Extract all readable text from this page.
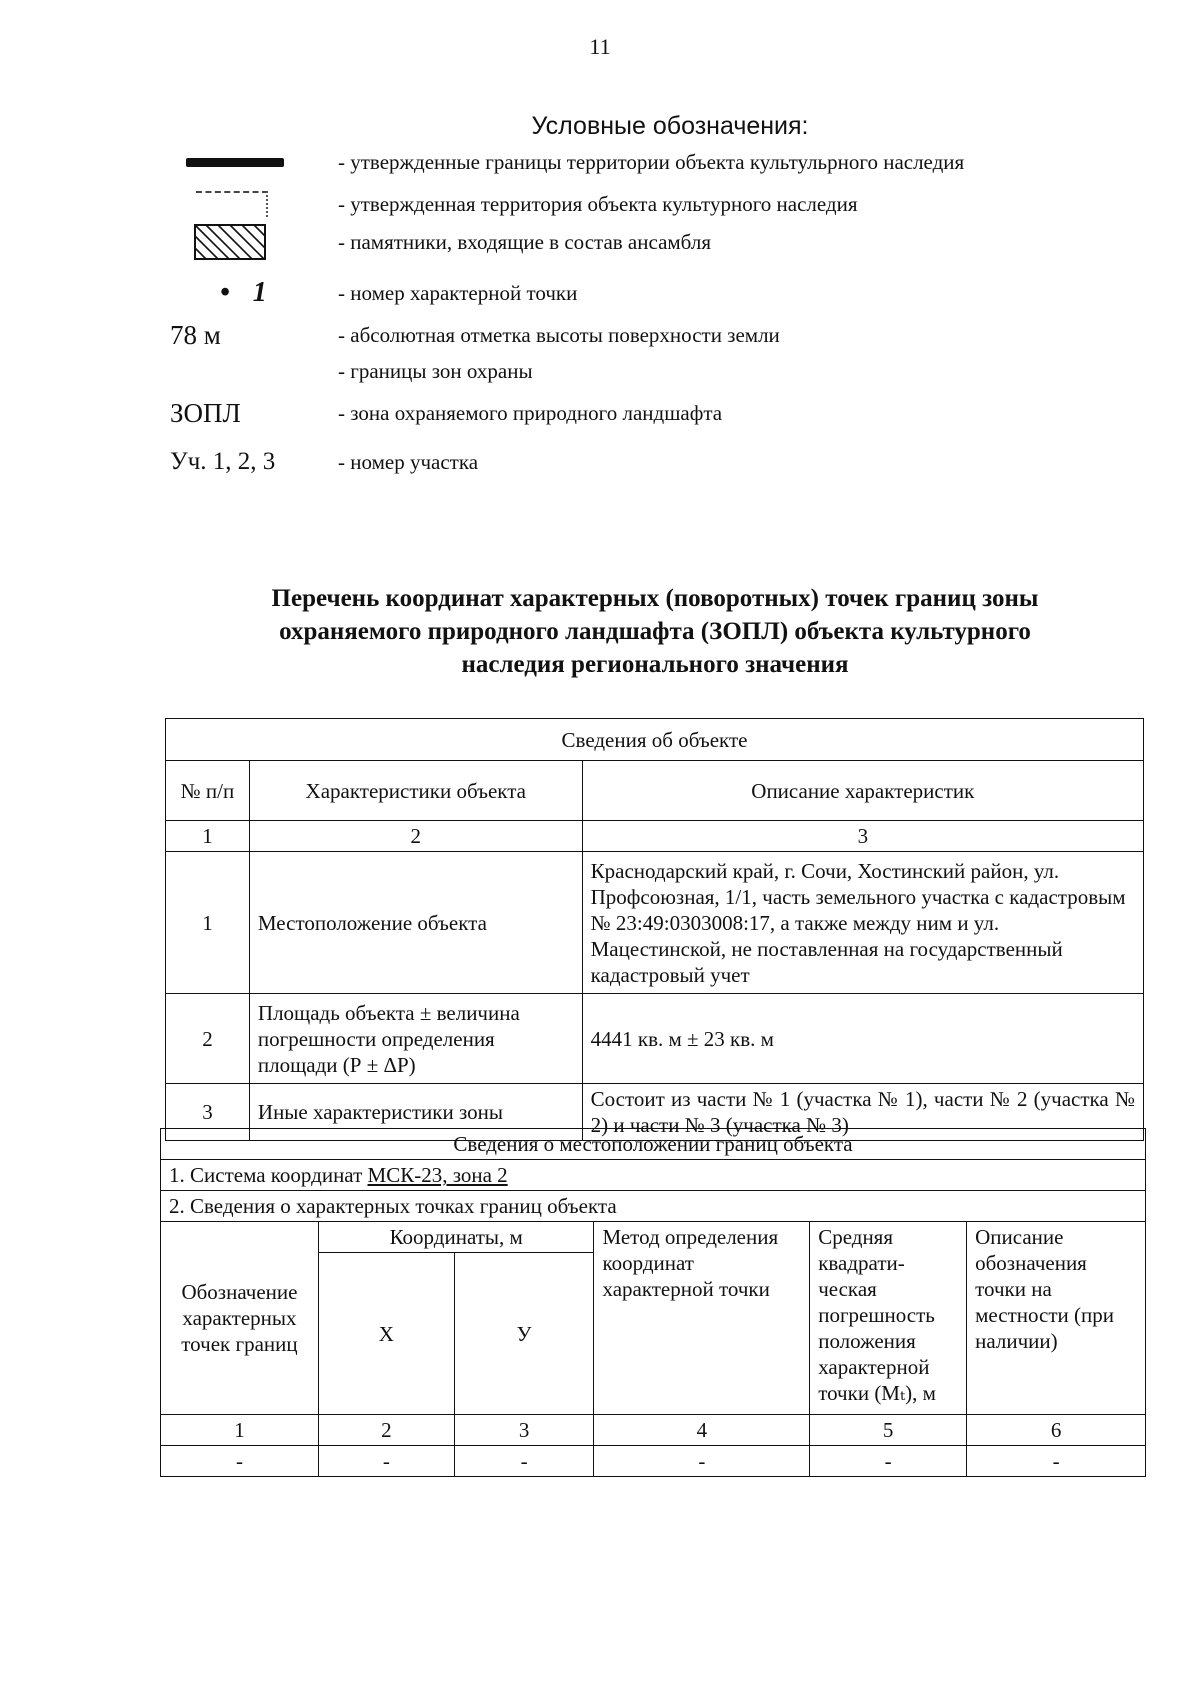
11
Условные обозначения:
- утвержденные границы территории объекта культульрного наследия
- утвержденная территория объекта культурного наследия
- памятники, входящие в состав ансамбля
• 1	- номер характерной точки
78 м	- абсолютная отметка высоты поверхности земли
- границы зон охраны
ЗОПЛ	- зона охраняемого природного ландшафта
Уч. 1, 2, 3	- номер участка
Перечень координат характерных (поворотных) точек границ зоны
охраняемого природного ландшафта (ЗОПЛ) объекта культурного
наследия регионального значения
Сведения об объекте		
№ п/п	Характеристики объекта	Описание характеристик
1	2	3
1	Местоположение объекта	Краснодарский край, г. Сочи, Хостинский район, ул. Профсоюзная, 1/1, часть земельного участка с кадастровым № 23:49:0303008:17, а также между ним и ул. Мацестинской, не поставленная на государственный кадастровый учет
2	Площадь объекта ± величина погрешности определения площади (Р ± ΔР)	4441 кв. м ± 23 кв. м
3	Иные характеристики зоны	Состоит из части № 1 (участка № 1), части № 2 (участка № 2) и части № 3 (участка № 3)
Сведения о местоположении границ объекта					
1. Система координат МСК-23, зона 2					
2. Сведения о характерных точках границ объекта					
Обозначение характерных точек границ	Координаты, м		Метод определения координат характерной точки	Средняя квадрати-ческая погрешность положения характерной точки (Mₜ), м	Описание обозначения точки на местности (при наличии)
	Х	У			
1	2	3	4	5	6
-	-	-	-	-	-
